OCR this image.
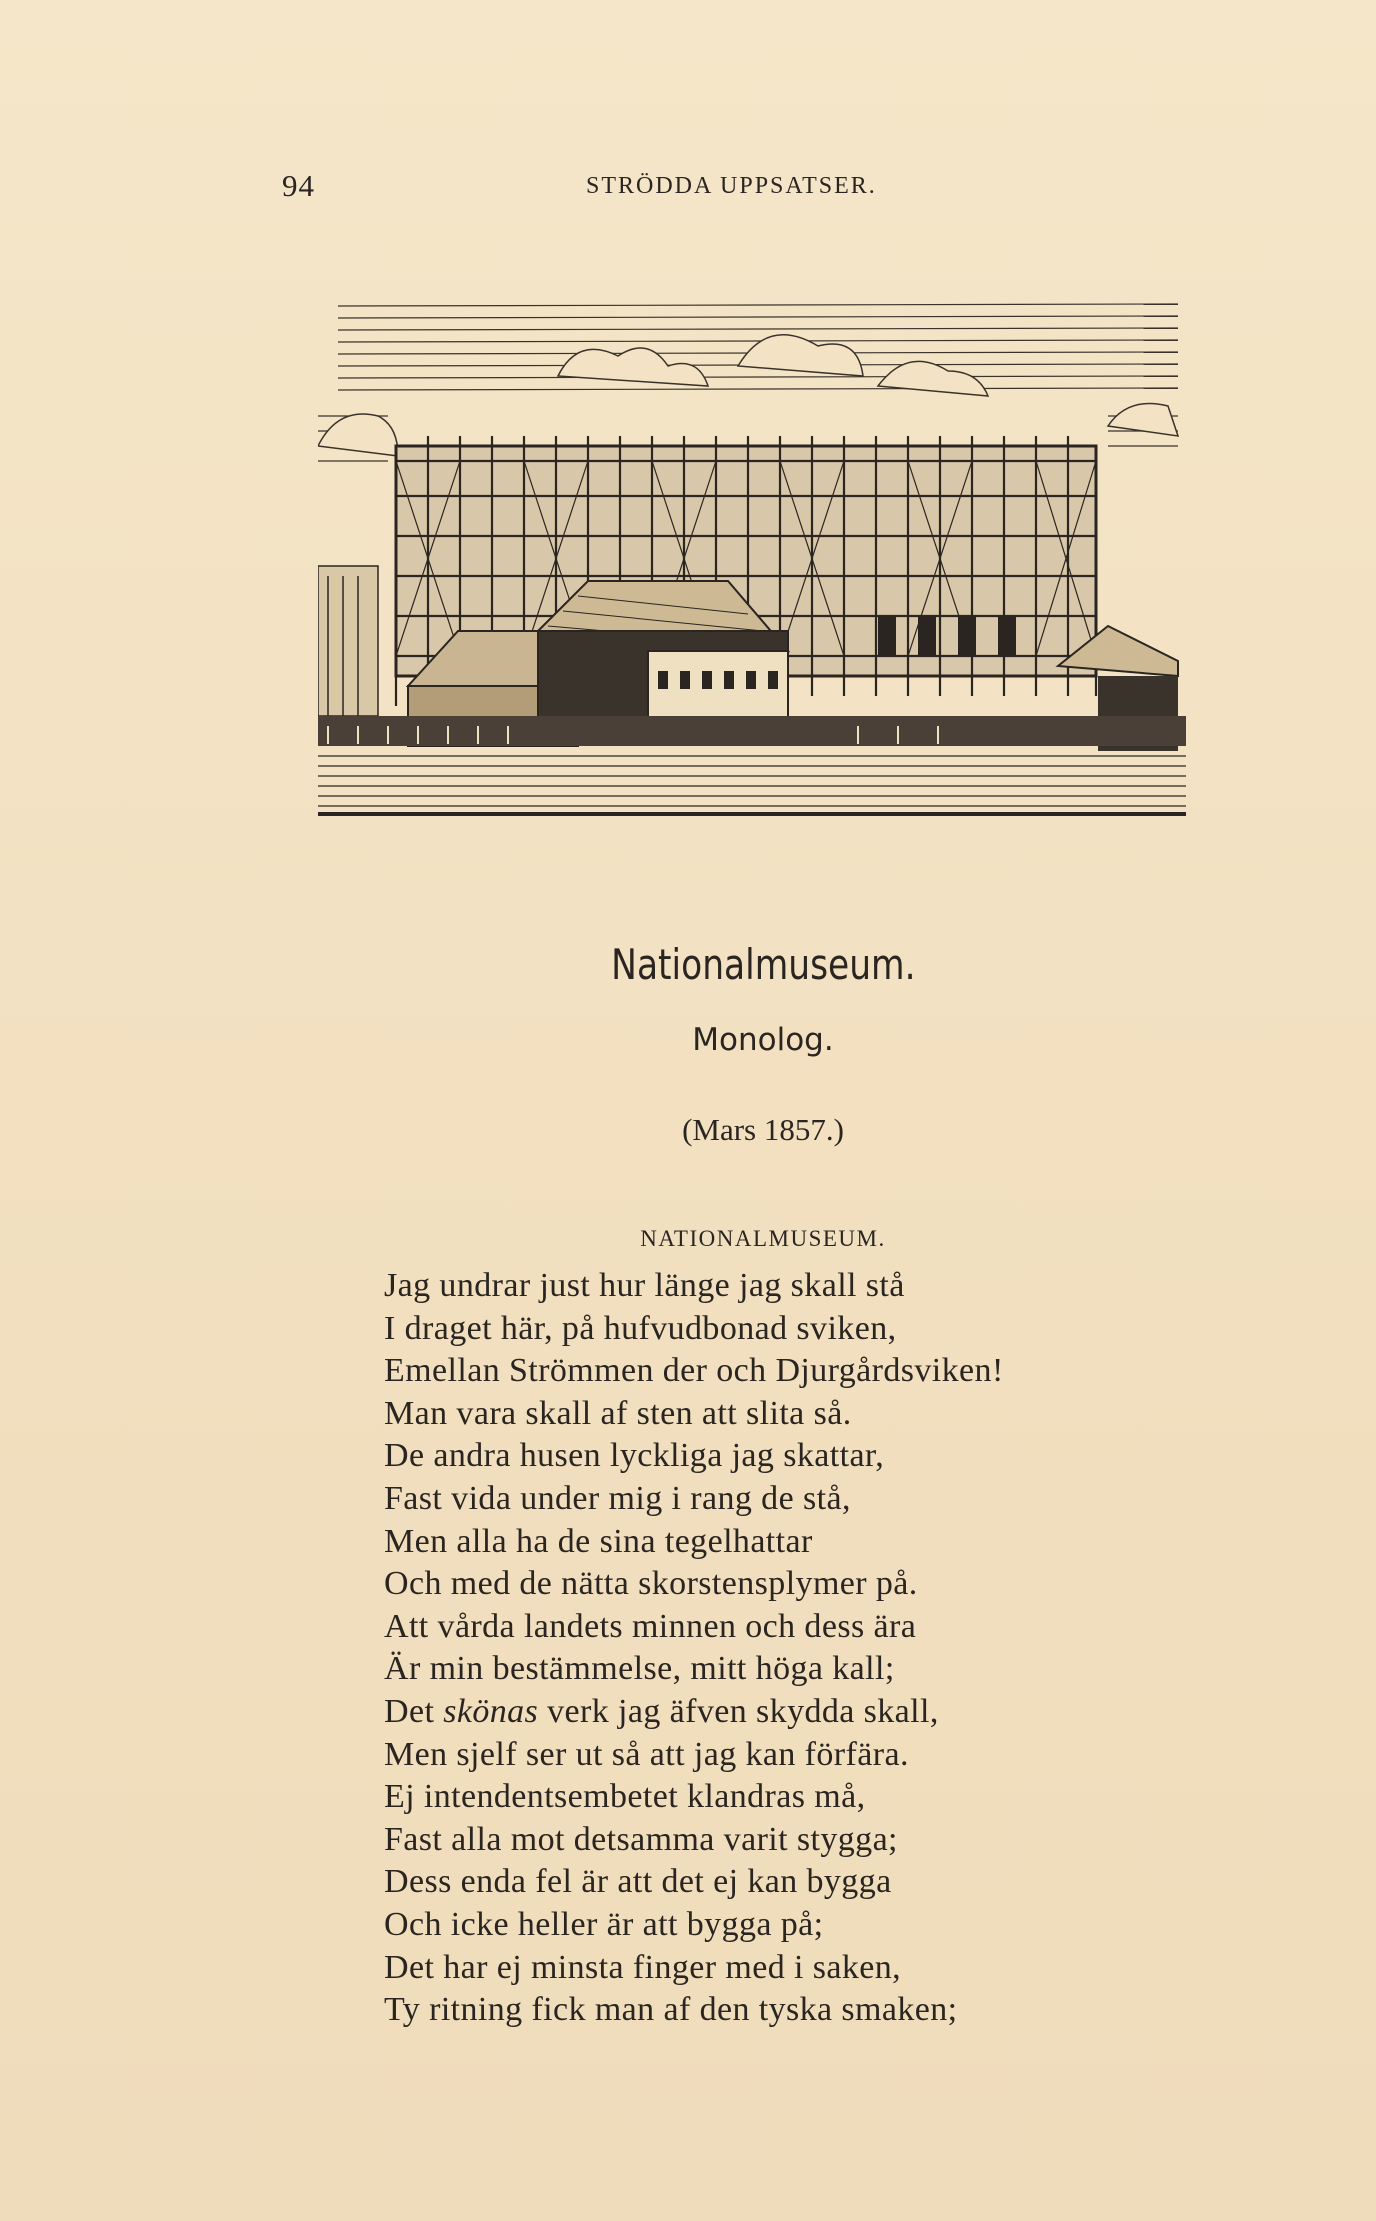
94	STRÖDDA UPPSATSER.
Nationalmuseum.
Monolog.
(Mars 1857.)
NATIONALMUSEUM.
Jag undrar just hur länge jag skall stå
I draget här, på hufvudbonad sviken,
Emellan Strömmen der och Djurgårdsviken!
Man vara skall af sten att slita så.
De andra husen lyckliga jag skattar,
Fast vida under mig i rang de stå,
Men alla ha de sina tegelhattar
Och med de nätta skorstensplymer på.
Att vårda landets minnen och dess ära
Är min bestämmelse, mitt höga kall;
Det skönas verk jag äfven skydda skall,
Men sjelf ser ut så att jag kan förfära.
Ej intendentsembetet klandras må,
Fast alla mot detsamma varit stygga;
Dess enda fel är att det ej kan bygga
Och icke heller är att bygga på;
Det har ej minsta finger med i saken,
Ty ritning fick man af den tyska smaken;
